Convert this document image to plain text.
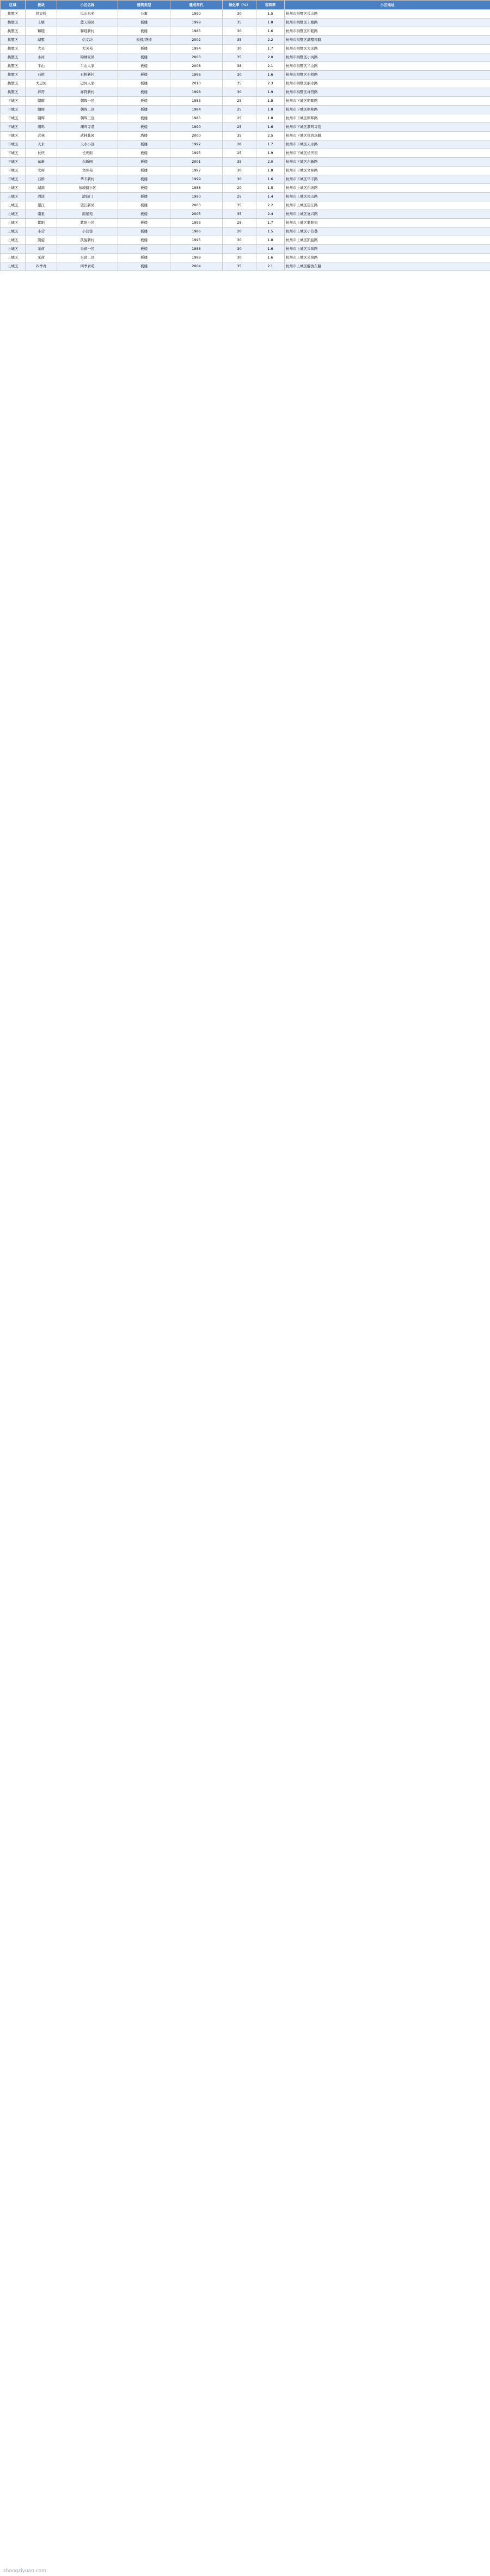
区域	板块	小区名称	建筑类型	建成年代	绿化率（%）	容积率	小区地址
拱墅区	拱宸桥	瓜山东苑	公寓	1990	30	1.5	杭州市拱墅区瓜山路
拱墅区	上塘	蓝天锦园	板楼	1999	35	1.8	杭州市拱墅区上塘路
拱墅区	和睦	和睦新村	板楼	1985	30	1.6	杭州市拱墅区和睦路
拱墅区	湖墅	信义坊	板楼/塔楼	2002	35	2.2	杭州市拱墅区湖墅南路
拱墅区	大关	大关苑	板楼	1994	30	1.7	杭州市拱墅区大关路
拱墅区	小河	锦绣家园	板楼	2003	35	2.0	杭州市拱墅区小河路
拱墅区	半山	半山人家	板楼	2008	38	2.1	杭州市拱墅区半山路
拱墅区	石桥	石桥新村	板楼	1996	30	1.6	杭州市拱墅区石桥路
拱墅区	大运河	运河人家	板楼	2010	35	2.3	杭州市拱墅区丽水路
拱墅区	祥符	祥符新村	板楼	1998	30	1.9	杭州市拱墅区祥符路
下城区	朝晖	朝晖一区	板楼	1983	25	1.8	杭州市下城区朝晖路
下城区	朝晖	朝晖二区	板楼	1984	25	1.8	杭州市下城区朝晖路
下城区	朝晖	朝晖三区	板楼	1985	25	1.8	杭州市下城区朝晖路
下城区	潮鸣	潮鸣寺巷	板楼	1990	25	1.6	杭州市下城区潮鸣寺巷
下城区	武林	武林花园	塔楼	2000	35	2.5	杭州市下城区体育场路
下城区	天水	天水小区	板楼	1992	28	1.7	杭州市下城区天水路
下城区	长庆	长庆街	板楼	1995	25	1.9	杭州市下城区长庆街
下城区	东新	东新园	板楼	2001	35	2.0	杭州市下城区东新路
下城区	文晖	文晖苑	板楼	1997	30	1.8	杭州市下城区文晖路
下城区	石桥	华丰新村	板楼	1999	30	1.6	杭州市下城区华丰路
上城区	湖滨	东坡路小区	板楼	1988	20	1.5	杭州市上城区东坡路
上城区	清波	清波门	板楼	1990	25	1.4	杭州市上城区南山路
上城区	望江	望江新园	板楼	2003	35	2.2	杭州市上城区望江路
上城区	南星	南星苑	板楼	2005	35	2.4	杭州市上城区复兴路
上城区	紫阳	紫阳小区	板楼	1993	28	1.7	杭州市上城区紫阳街
上城区	小营	小营巷	板楼	1986	20	1.5	杭州市上城区小营巷
上城区	凯旋	凯旋新村	板楼	1995	30	1.8	杭州市上城区凯旋路
上城区	采荷	采荷一区	板楼	1988	30	1.6	杭州市上城区采荷路
上城区	采荷	采荷二区	板楼	1989	30	1.6	杭州市上城区采荷路
上城区	四季青	四季青苑	板楼	2004	35	2.1	杭州市上城区解放东路
zhangziyuan.com
